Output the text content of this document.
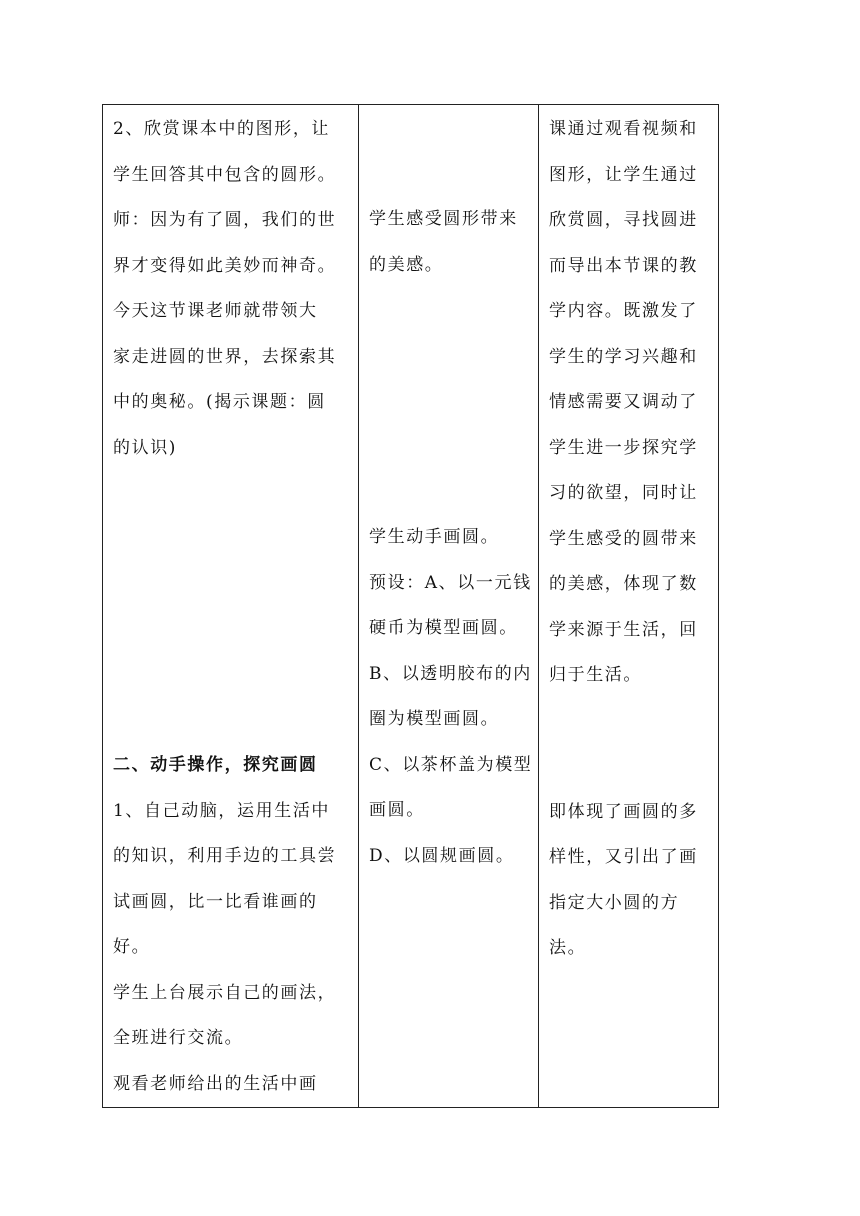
2、欣赏课本中的图形，让
学生回答其中包含的圆形。
师：因为有了圆，我们的世
界才变得如此美妙而神奇。
今天这节课老师就带领大
家走进圆的世界，去探索其
中的奥秘。(揭示课题：圆
的认识)
二、动手操作，探究画圆
1、自己动脑，运用生活中
的知识，利用手边的工具尝
试画圆，比一比看谁画的
好。
学生上台展示自己的画法，
全班进行交流。
观看老师给出的生活中画

学生感受圆形带来
的美感。
学生动手画圆。
预设：A、以一元钱
硬币为模型画圆。
B、以透明胶布的内
圈为模型画圆。
C、以茶杯盖为模型
画圆。
D、以圆规画圆。

课通过观看视频和
图形，让学生通过
欣赏圆，寻找圆进
而导出本节课的教
学内容。既激发了
学生的学习兴趣和
情感需要又调动了
学生进一步探究学
习的欲望，同时让
学生感受的圆带来
的美感，体现了数
学来源于生活，回
归于生活。
即体现了画圆的多
样性，又引出了画
指定大小圆的方
法。
